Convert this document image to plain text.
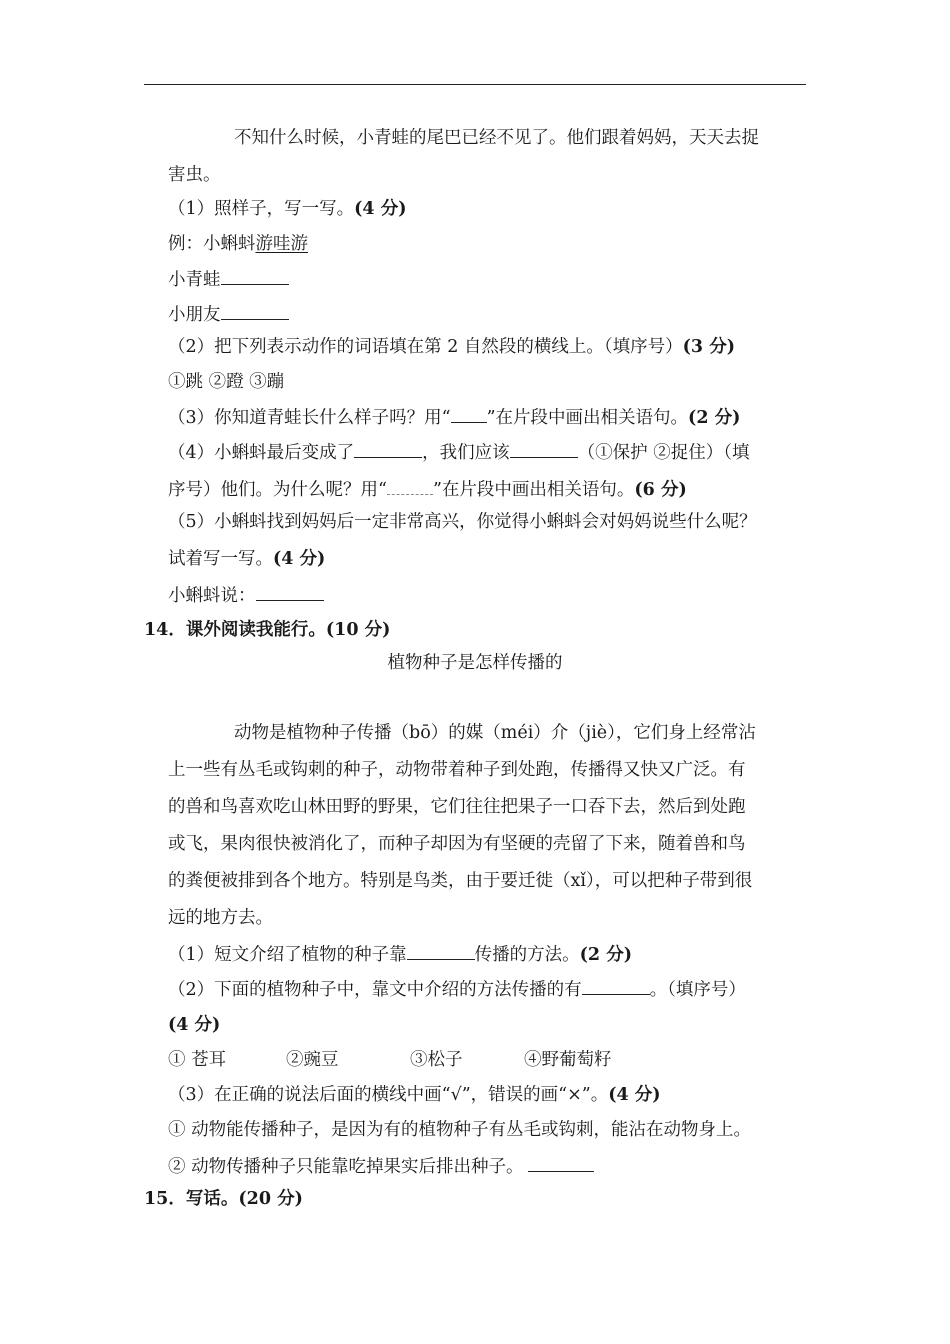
不知什么时候，小青蛙的尾巴已经不见了。他们跟着妈妈，天天去捉
害虫。
（1）照样子，写一写。(4 分)
例：小蝌蚪游哇游
小青蛙
小朋友
（2）把下列表示动作的词语填在第 2 自然段的横线上。（填序号）(3 分)
①跳 ②蹬 ③蹦
（3）你知道青蛙长什么样子吗？用“ ”在片段中画出相关语句。(2 分)
（4）小蝌蚪最后变成了	，我们应该	（①保护 ②捉住）（填
序号）他们。为什么呢？用“	”在片段中画出相关语句。(6 分)
（5）小蝌蚪找到妈妈后一定非常高兴，你觉得小蝌蚪会对妈妈说些什么呢？
试着写一写。(4 分)
小蝌蚪说：
14．课外阅读我能行。(10 分)
植物种子是怎样传播的
动物是植物种子传播（bō）的媒（méi）介（jiè），它们身上经常沾
上一些有丛毛或钩刺的种子，动物带着种子到处跑，传播得又快又广泛。有
的兽和鸟喜欢吃山林田野的野果，它们往往把果子一口吞下去，然后到处跑
或飞，果肉很快被消化了，而种子却因为有坚硬的壳留了下来，随着兽和鸟
的粪便被排到各个地方。特别是鸟类，由于要迁徙（xǐ），可以把种子带到很
远的地方去。
（1）短文介绍了植物的种子靠	传播的方法。(2 分)
（2）下面的植物种子中，靠文中介绍的方法传播的有	。（填序号）
(4 分)
① 苍耳	②豌豆	③松子	④野葡萄籽
（3）在正确的说法后面的横线中画“√”，错误的画“×”。(4 分)
① 动物能传播种子，是因为有的植物种子有丛毛或钩刺，能沾在动物身上。
② 动物传播种子只能靠吃掉果实后排出种子。
15．写话。(20 分)
